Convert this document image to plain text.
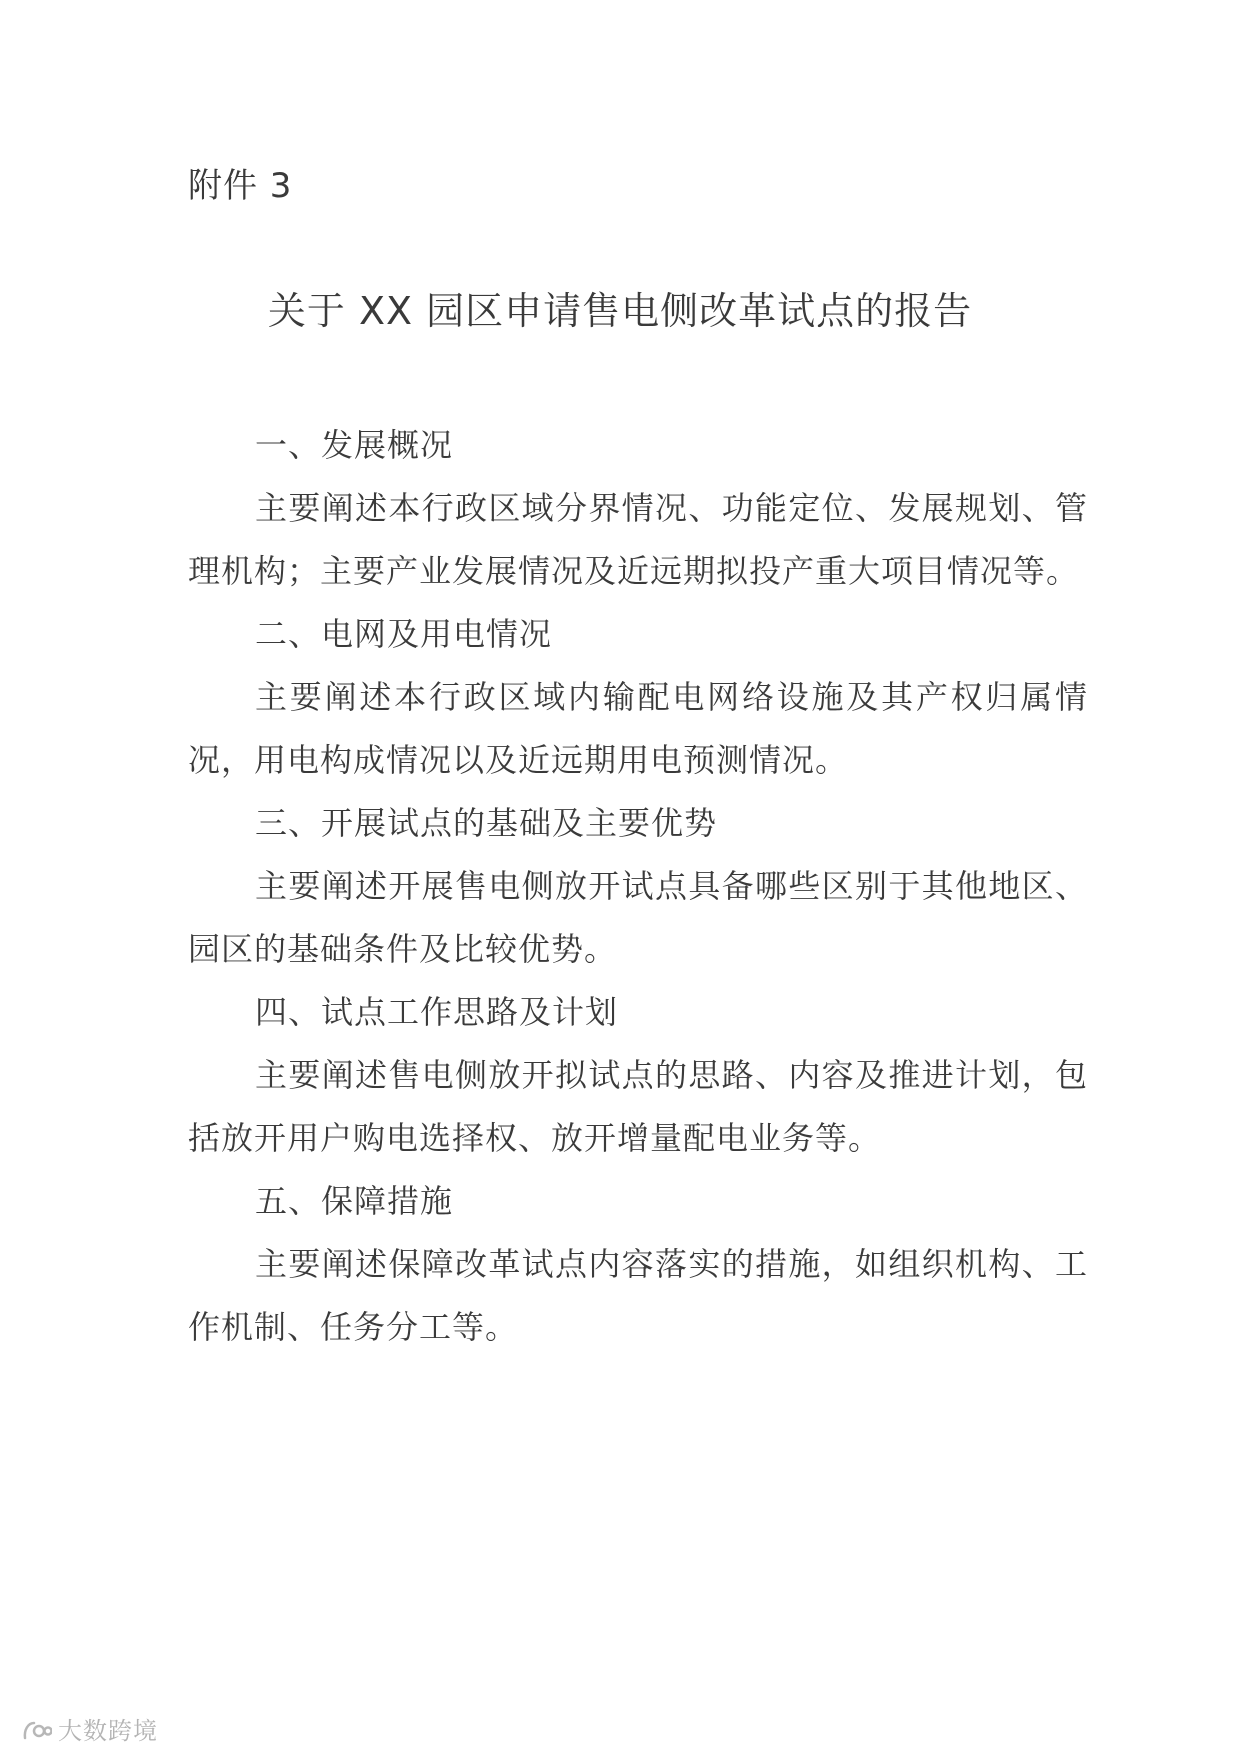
附件 3
关于 XX 园区申请售电侧改革试点的报告

一、发展概况

主要阐述本行政区域分界情况、功能定位、发展规划、管理机构；主要产业发展情况及近远期拟投产重大项目情况等。

二、电网及用电情况

主要阐述本行政区域内输配电网络设施及其产权归属情况，用电构成情况以及近远期用电预测情况。

三、开展试点的基础及主要优势

主要阐述开展售电侧放开试点具备哪些区别于其他地区、园区的基础条件及比较优势。

四、试点工作思路及计划

主要阐述售电侧放开拟试点的思路、内容及推进计划，包括放开用户购电选择权、放开增量配电业务等。

五、保障措施

主要阐述保障改革试点内容落实的措施，如组织机构、工作机制、任务分工等。

大数跨境
